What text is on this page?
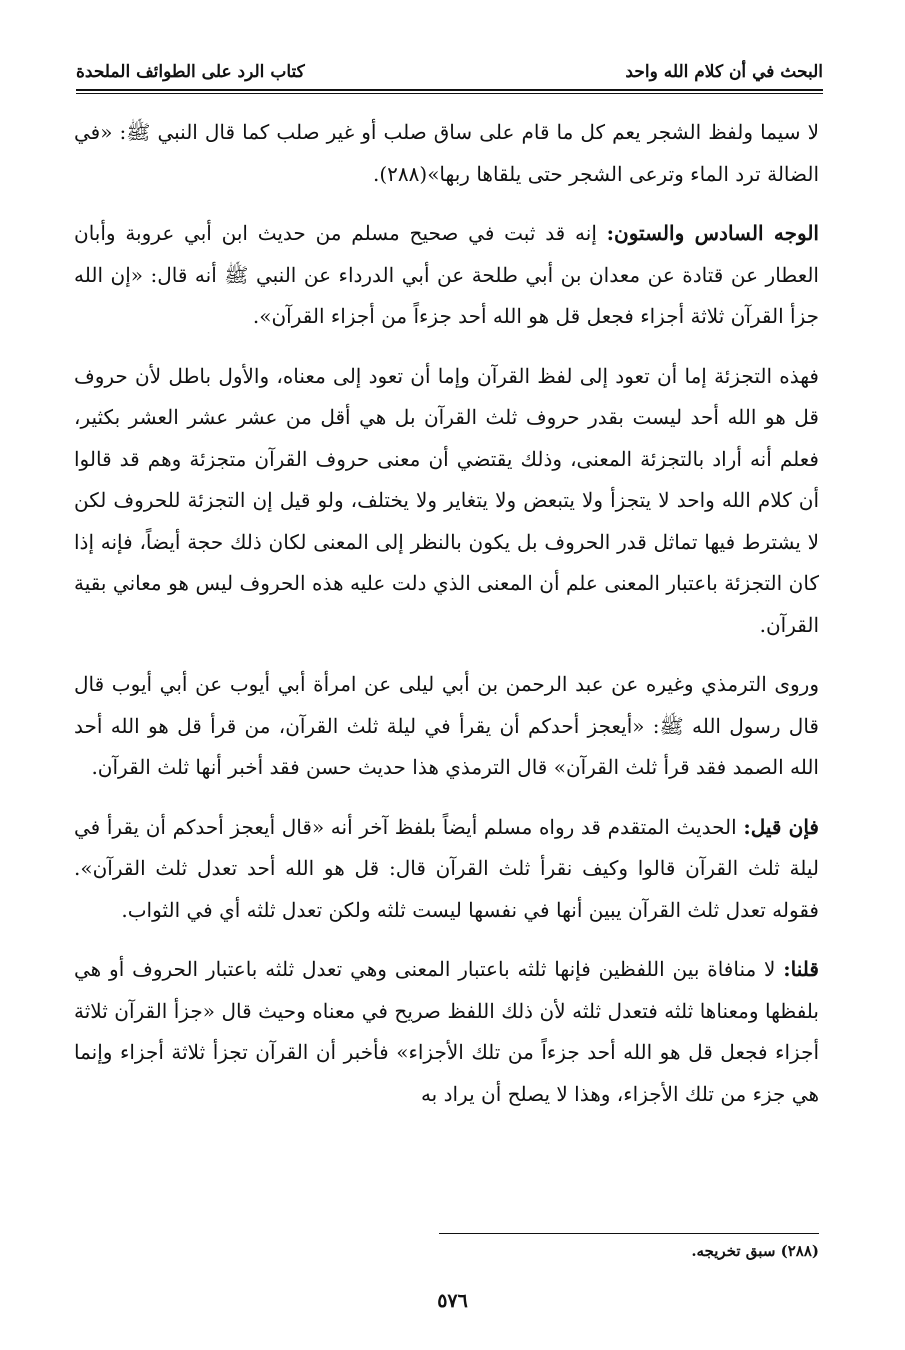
البحث في أن كلام الله واحد
كتاب الرد على الطوائف الملحدة

لا سيما ولفظ الشجر يعم كل ما قام على ساق صلب أو غير صلب كما قال النبي ﷺ: «في الضالة ترد الماء وترعى الشجر حتى يلقاها ربها»(٢٨٨).

الوجه السادس والستون: إنه قد ثبت في صحيح مسلم من حديث ابن أبي عروبة وأبان العطار عن قتادة عن معدان بن أبي طلحة عن أبي الدرداء عن النبي ﷺ أنه قال: «إن الله جزأ القرآن ثلاثة أجزاء فجعل قل هو الله أحد جزءاً من أجزاء القرآن».

فهذه التجزئة إما أن تعود إلى لفظ القرآن وإما أن تعود إلى معناه، والأول باطل لأن حروف قل هو الله أحد ليست بقدر حروف ثلث القرآن بل هي أقل من عشر عشر العشر بكثير، فعلم أنه أراد بالتجزئة المعنى، وذلك يقتضي أن معنى حروف القرآن متجزئة وهم قد قالوا أن كلام الله واحد لا يتجزأ ولا يتبعض ولا يتغاير ولا يختلف، ولو قيل إن التجزئة للحروف لكن لا يشترط فيها تماثل قدر الحروف بل يكون بالنظر إلى المعنى لكان ذلك حجة أيضاً، فإنه إذا كان التجزئة باعتبار المعنى علم أن المعنى الذي دلت عليه هذه الحروف ليس هو معاني بقية القرآن.

وروى الترمذي وغيره عن عبد الرحمن بن أبي ليلى عن امرأة أبي أيوب عن أبي أيوب قال قال رسول الله ﷺ: «أيعجز أحدكم أن يقرأ في ليلة ثلث القرآن، من قرأ قل هو الله أحد الله الصمد فقد قرأ ثلث القرآن» قال الترمذي هذا حديث حسن فقد أخبر أنها ثلث القرآن.

فإن قيل: الحديث المتقدم قد رواه مسلم أيضاً بلفظ آخر أنه «قال أيعجز أحدكم أن يقرأ في ليلة ثلث القرآن قالوا وكيف نقرأ ثلث القرآن قال: قل هو الله أحد تعدل ثلث القرآن». فقوله تعدل ثلث القرآن يبين أنها في نفسها ليست ثلثه ولكن تعدل ثلثه أي في الثواب.

قلنا: لا منافاة بين اللفظين فإنها ثلثه باعتبار المعنى وهي تعدل ثلثه باعتبار الحروف أو هي بلفظها ومعناها ثلثه فتعدل ثلثه لأن ذلك اللفظ صريح في معناه وحيث قال «جزأ القرآن ثلاثة أجزاء فجعل قل هو الله أحد جزءاً من تلك الأجزاء» فأخبر أن القرآن تجزأ ثلاثة أجزاء وإنما هي جزء من تلك الأجزاء، وهذا لا يصلح أن يراد به

(٢٨٨) سبق تخريجه.
٥٧٦
